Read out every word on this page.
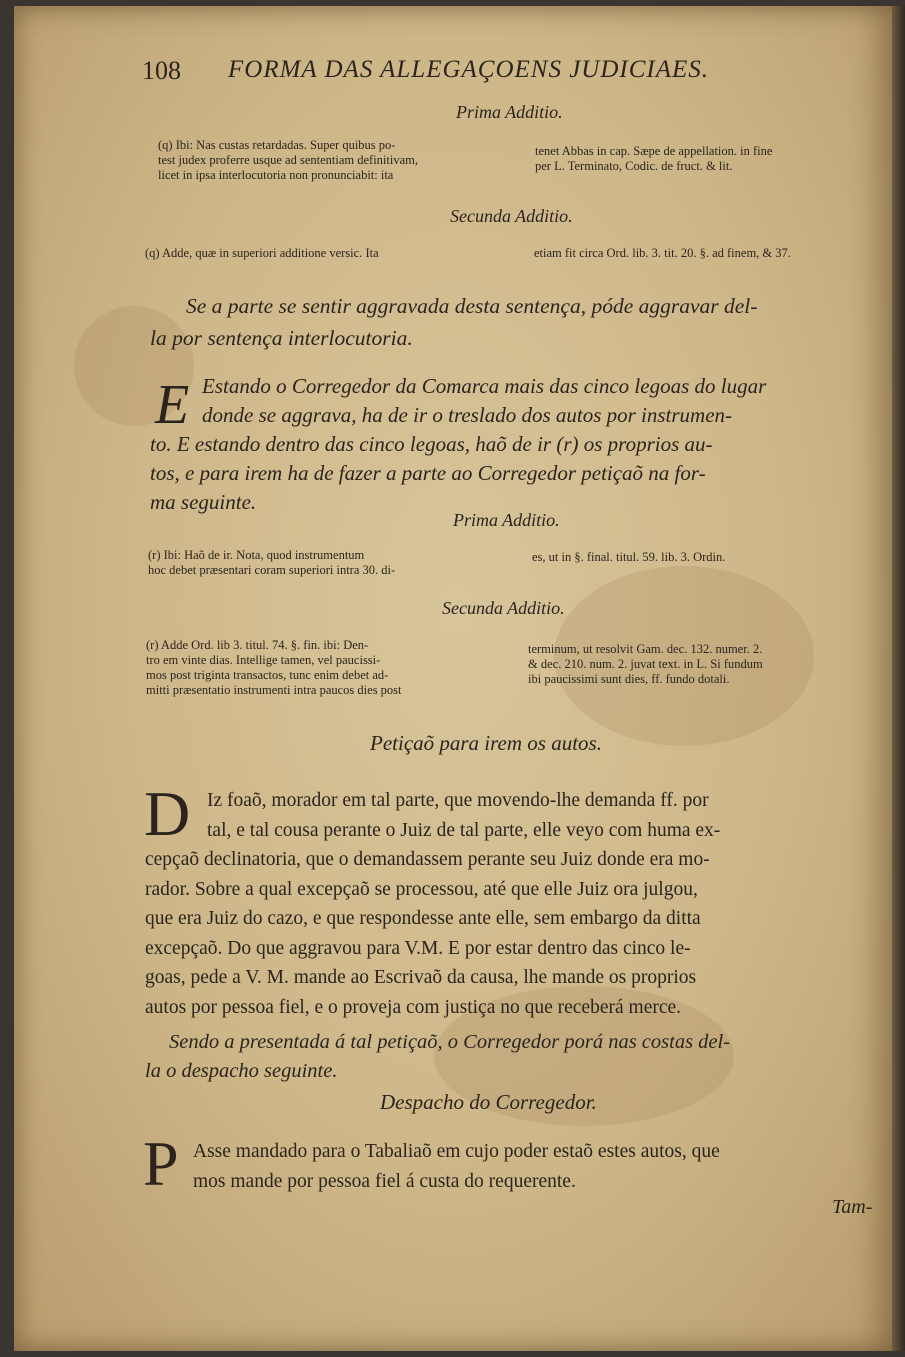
108 FORMA DAS ALLEGAÇOENS JUDICIAES.
Prima Additio.
(q) Ibi: Nas custas retardadas. Super quibus po-
test judex proferre usque ad sententiam definitivam,
licet in ipsa interlocutoria non pronunciabit: ita
tenet Abbas in cap. Sæpe de appellation. in fine
per L. Terminato, Codic. de fruct. & lit.
Secunda Additio.
(q) Adde, quæ in superiori additione versic. Ita	etiam fit circa Ord. lib. 3. tit. 20. §. ad finem, & 37.
Se a parte se sentir aggravada desta sentença, póde aggravar del-
la por sentença interlocutoria.
E Estando o Corregedor da Comarca mais das cinco legoas do lugar
donde se aggrava, ha de ir o treslado dos autos por instrumen-
to. E estando dentro das cinco legoas, haõ de ir (r) os proprios au-
tos, e para irem ha de fazer a parte ao Corregedor petiçaõ na for-
ma seguinte.
Prima Additio.
(r) Ibi: Haõ de ir. Nota, quod instrumentum
hoc debet præsentari coram superiori intra 30. di-
es, ut in §. final. titul. 59. lib. 3. Ordin.
Secunda Additio.
(r) Adde Ord. lib 3. titul. 74. §. fin. ibi: Den-
tro em vinte dias. Intellige tamen, vel paucissi-
mos post triginta transactos, tunc enim debet ad-
mitti præsentatio instrumenti intra paucos dies post
terminum, ut resolvit Gam. dec. 132. numer. 2.
& dec. 210. num. 2. juvat text. in L. Si fundum
ibi paucissimi sunt dies, ff. fundo dotali.
Petiçaõ para irem os autos.
D Iz foaõ, morador em tal parte, que movendo-lhe demanda ff. por
tal, e tal cousa perante o Juiz de tal parte, elle veyo com huma ex-
cepçaõ declinatoria, que o demandassem perante seu Juiz donde era mo-
rador. Sobre a qual excepçaõ se processou, até que elle Juiz ora julgou,
que era Juiz do cazo, e que respondesse ante elle, sem embargo da ditta
excepçaõ. Do que aggravou para V.M. E por estar dentro das cinco le-
goas, pede a V. M. mande ao Escrivaõ da causa, lhe mande os proprios
autos por pessoa fiel, e o proveja com justiça no que receberá merce.
Sendo a presentada á tal petiçaõ, o Corregedor porá nas costas del-
la o despacho seguinte.
Despacho do Corregedor.
P Asse mandado para o Tabaliaõ em cujo poder estaõ estes autos, que
mos mande por pessoa fiel á custa do requerente.
Tam-
